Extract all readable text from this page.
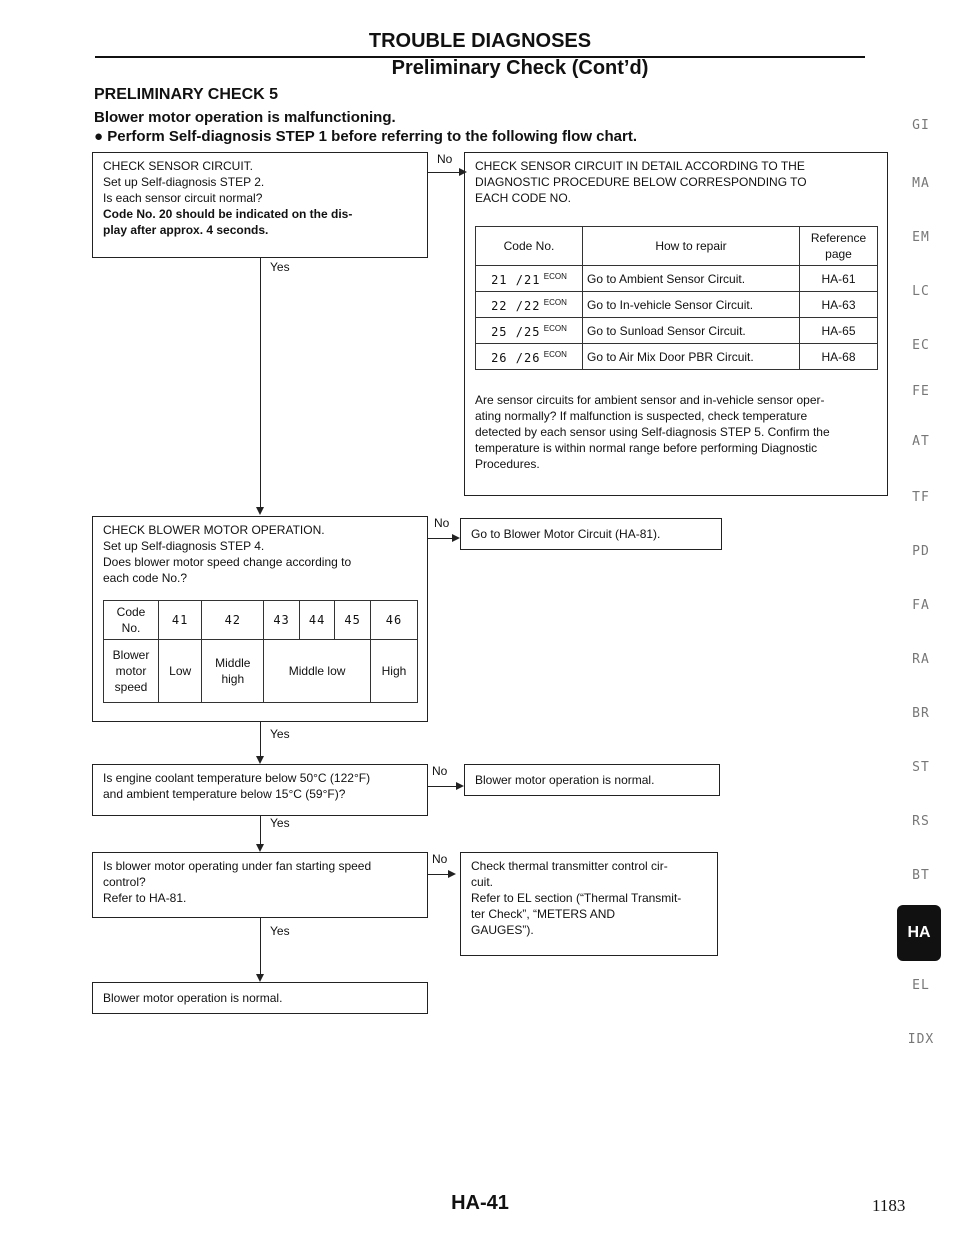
TROUBLE DIAGNOSES
Preliminary Check (Cont’d)
PRELIMINARY CHECK 5
Blower motor operation is malfunctioning.
● Perform Self-diagnosis STEP 1 before referring to the following flow chart.
CHECK SENSOR CIRCUIT.
Set up Self-diagnosis STEP 2.
Is each sensor circuit normal?
Code No. 20 should be indicated on the dis-
play after approx. 4 seconds.
No CHECK SENSOR CIRCUIT IN DETAIL ACCORDING TO THE
DIAGNOSTIC PROCEDURE BELOW CORRESPONDING TO
EACH CODE NO.
Code No.	How to repair	Reference
page
21 /21 $^{ECON}$	Go to Ambient Sensor Circuit.	HA-61
22 /22 $^{ECON}$	Go to In-vehicle Sensor Circuit.	HA-63
25 /25 $^{ECON}$	Go to Sunload Sensor Circuit.	HA-65
26 /26 $^{ECON}$	Go to Air Mix Door PBR Circuit.	HA-68
Are sensor circuits for ambient sensor and in-vehicle sensor oper-
ating normally? If malfunction is suspected, check temperature
detected by each sensor using Self-diagnosis STEP 5. Confirm the
temperature is within normal range before performing Diagnostic
Procedures.
Yes
CHECK BLOWER MOTOR OPERATION.
Set up Self-diagnosis STEP 4.
Does blower motor speed change according to
each code No.?
Code
No.	41	42	43	44	45	46
Blower
motor
speed	Low	Middle
high	Middle low			High
No
Go to Blower Motor Circuit (HA-81).
Yes
Is engine coolant temperature below 50°C (122°F)
and ambient temperature below 15°C (59°F)?
No
Blower motor operation is normal.
Yes
Is blower motor operating under fan starting speed
control?
Refer to HA-81.
No Check thermal transmitter control cir-
cuit.
Refer to EL section (“Thermal Transmit-
ter Check”, “METERS AND
GAUGES”).
Yes
Blower motor operation is normal.
GI
MA
EM
LC
EC
FE
AT
TF
PD
FA
RA
BR
ST
RS
BT
HA
EL
IDX
HA-41	1183
